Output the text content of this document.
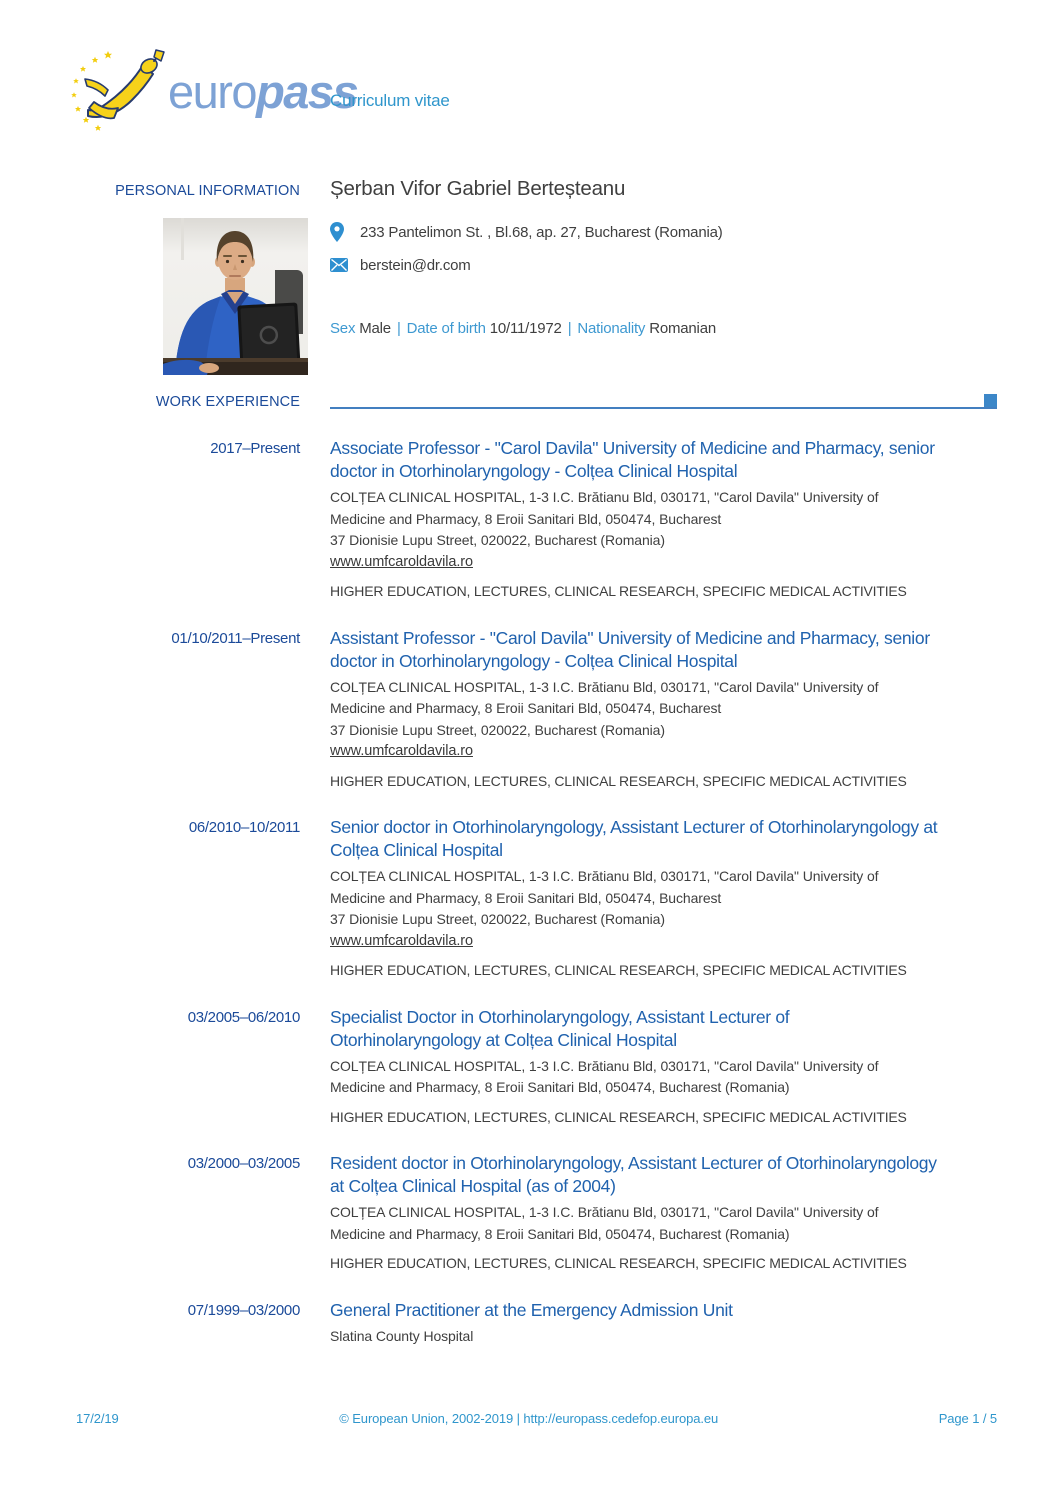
europass
Curriculum vitae
PERSONAL INFORMATION Șerban Vifor Gabriel Berteșteanu
233 Pantelimon St. , Bl.68, ap. 27, Bucharest (Romania)
berstein@dr.com
Sex Male | Date of birth 10/11/1972 | Nationality Romanian
WORK EXPERIENCE
2017–Present Associate Professor - "Carol Davila" University of Medicine and Pharmacy, senior
doctor in Otorhinolaryngology - Colțea Clinical Hospital
COLȚEA CLINICAL HOSPITAL, 1-3 I.C. Brătianu Bld, 030171, "Carol Davila" University of
Medicine and Pharmacy, 8 Eroii Sanitari Bld, 050474, Bucharest
37 Dionisie Lupu Street, 020022, Bucharest (Romania)
www.umfcaroldavila.ro
HIGHER EDUCATION, LECTURES, CLINICAL RESEARCH, SPECIFIC MEDICAL ACTIVITIES
01/10/2011–Present Assistant Professor - "Carol Davila" University of Medicine and Pharmacy, senior
doctor in Otorhinolaryngology - Colțea Clinical Hospital
COLȚEA CLINICAL HOSPITAL, 1-3 I.C. Brătianu Bld, 030171, "Carol Davila" University of
Medicine and Pharmacy, 8 Eroii Sanitari Bld, 050474, Bucharest
37 Dionisie Lupu Street, 020022, Bucharest (Romania)
www.umfcaroldavila.ro
HIGHER EDUCATION, LECTURES, CLINICAL RESEARCH, SPECIFIC MEDICAL ACTIVITIES
06/2010–10/2011 Senior doctor in Otorhinolaryngology, Assistant Lecturer of Otorhinolaryngology at
Colțea Clinical Hospital
COLȚEA CLINICAL HOSPITAL, 1-3 I.C. Brătianu Bld, 030171, "Carol Davila" University of
Medicine and Pharmacy, 8 Eroii Sanitari Bld, 050474, Bucharest
37 Dionisie Lupu Street, 020022, Bucharest (Romania)
www.umfcaroldavila.ro
HIGHER EDUCATION, LECTURES, CLINICAL RESEARCH, SPECIFIC MEDICAL ACTIVITIES
03/2005–06/2010 Specialist Doctor in Otorhinolaryngology, Assistant Lecturer of
Otorhinolaryngology at Colțea Clinical Hospital
COLȚEA CLINICAL HOSPITAL, 1-3 I.C. Brătianu Bld, 030171, "Carol Davila" University of
Medicine and Pharmacy, 8 Eroii Sanitari Bld, 050474, Bucharest (Romania)
HIGHER EDUCATION, LECTURES, CLINICAL RESEARCH, SPECIFIC MEDICAL ACTIVITIES
03/2000–03/2005 Resident doctor in Otorhinolaryngology, Assistant Lecturer of Otorhinolaryngology
at Colțea Clinical Hospital (as of 2004)
COLȚEA CLINICAL HOSPITAL, 1-3 I.C. Brătianu Bld, 030171, "Carol Davila" University of
Medicine and Pharmacy, 8 Eroii Sanitari Bld, 050474, Bucharest (Romania)
HIGHER EDUCATION, LECTURES, CLINICAL RESEARCH, SPECIFIC MEDICAL ACTIVITIES
07/1999–03/2000 General Practitioner at the Emergency Admission Unit
Slatina County Hospital
17/2/19	© European Union, 2002-2019 | http://europass.cedefop.europa.eu	Page 1 / 5
